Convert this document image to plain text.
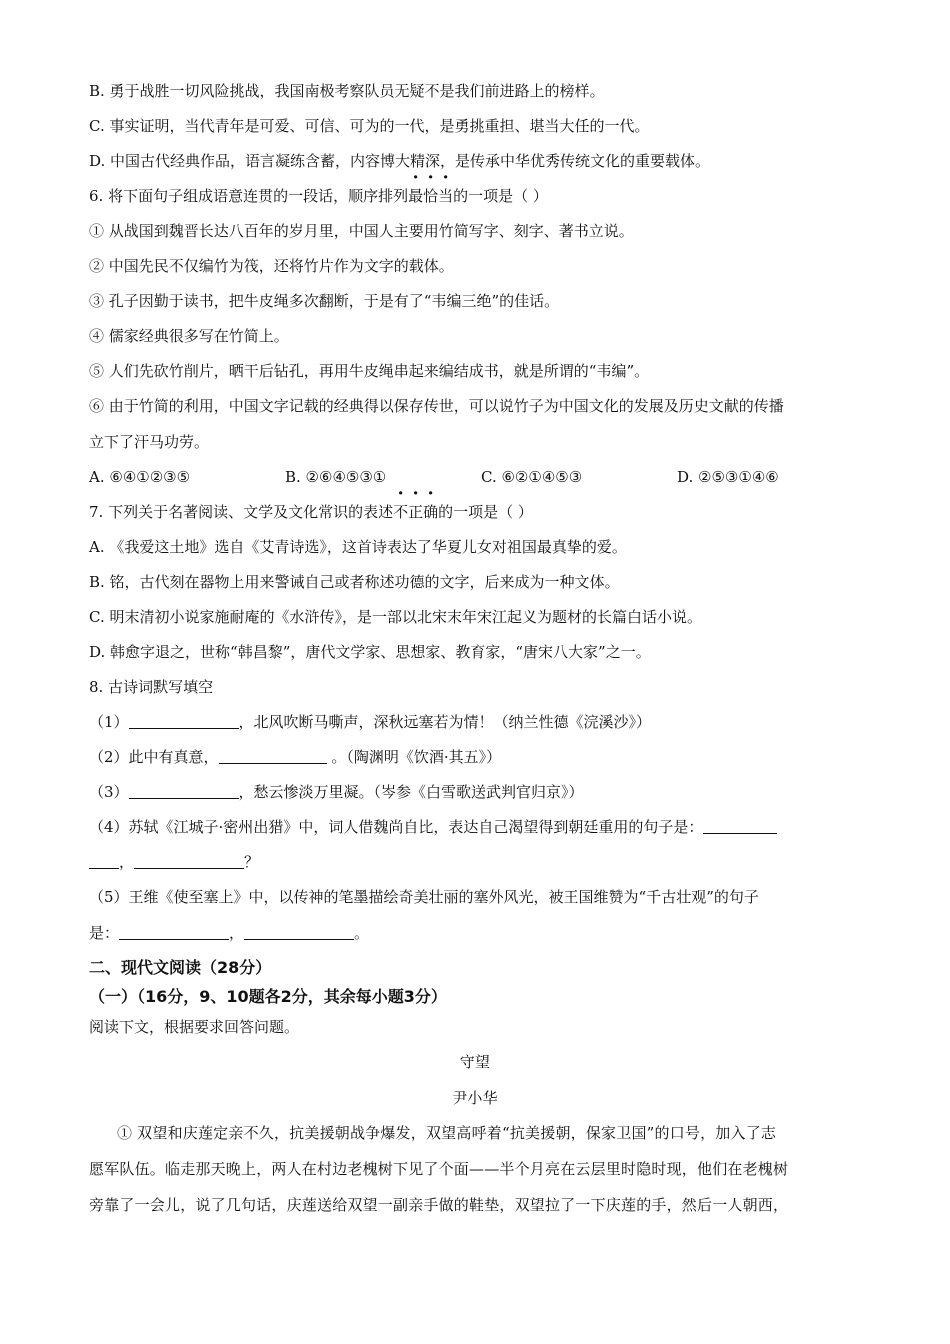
B. 勇于战胜一切风险挑战，我国南极考察队员无疑不是我们前进路上的榜样。
C. 事实证明，当代青年是可爱、可信、可为的一代，是勇挑重担、堪当大任的一代。
D. 中国古代经典作品，语言凝练含蓄，内容博大精深，是传承中华优秀传统文化的重要载体。
6. 将下面句子组成语意连贯的一段话，顺序排列最恰当的一项是（ ）
① 从战国到魏晋长达八百年的岁月里，中国人主要用竹简写字、刻字、著书立说。
② 中国先民不仅编竹为筏，还将竹片作为文字的载体。
③ 孔子因勤于读书，把牛皮绳多次翻断，于是有了“韦编三绝”的佳话。
④ 儒家经典很多写在竹简上。
⑤ 人们先砍竹削片，晒干后钻孔，再用牛皮绳串起来编结成书，就是所谓的“韦编”。
⑥ 由于竹简的利用，中国文字记载的经典得以保存传世，可以说竹子为中国文化的发展及历史文献的传播
立下了汗马功劳。
A. ⑥④①②③⑤	B. ②⑥④⑤③①	C. ⑥②①④⑤③	D. ②⑤③①④⑥
7. 下列关于名著阅读、文学及文化常识的表述不正确的一项是（ ）
A. 《我爱这土地》选自《艾青诗选》，这首诗表达了华夏儿女对祖国最真挚的爱。
B. 铭，古代刻在器物上用来警诫自己或者称述功德的文字，后来成为一种文体。
C. 明末清初小说家施耐庵的《水浒传》，是一部以北宋末年宋江起义为题材的长篇白话小说。
D. 韩愈字退之，世称“韩昌黎”，唐代文学家、思想家、教育家，“唐宋八大家”之一。
8. 古诗词默写填空
（1）	，北风吹断马嘶声，深秋远塞若为情！（纳兰性德《浣溪沙》）
（2）此中有真意，	。（陶渊明《饮酒·其五》）
（3）	，愁云惨淡万里凝。（岑参《白雪歌送武判官归京》）
（4）苏轼《江城子·密州出猎》中，词人借魏尚自比，表达自己渴望得到朝廷重用的句子是：
，	？
（5）王维《使至塞上》中，以传神的笔墨描绘奇美壮丽的塞外风光，被王国维赞为“千古壮观”的句子
是：	，	。
二、现代文阅读（28分）
（一）（16分，9、10题各2分，其余每小题3分）
阅读下文，根据要求回答问题。
守望
尹小华
① 双望和庆莲定亲不久，抗美援朝战争爆发，双望高呼着“抗美援朝，保家卫国”的口号，加入了志
愿军队伍。临走那天晚上，两人在村边老槐树下见了个面——半个月亮在云层里时隐时现，他们在老槐树
旁靠了一会儿，说了几句话，庆莲送给双望一副亲手做的鞋垫，双望拉了一下庆莲的手，然后一人朝西，
